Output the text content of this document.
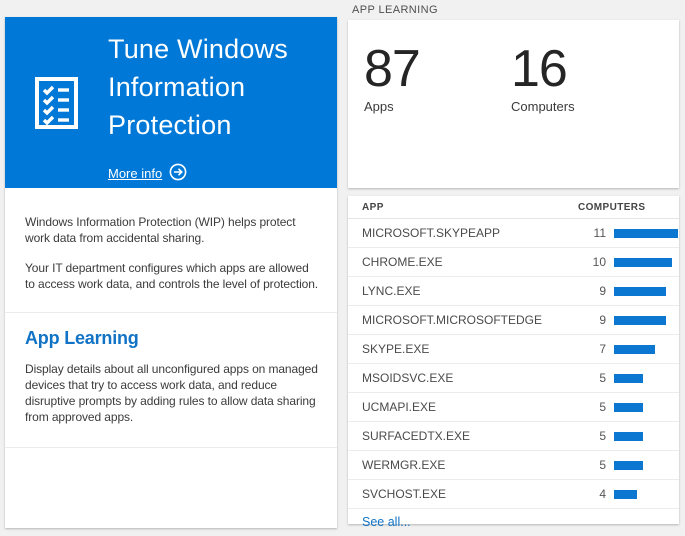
Tune Windows Information Protection
More info

Windows Information Protection (WIP) helps protect work data from accidental sharing.

Your IT department configures which apps are allowed to access work data, and controls the level of protection.

App Learning

Display details about all unconfigured apps on managed devices that try to access work data, and reduce disruptive prompts by adding rules to allow data sharing from approved apps.

APP LEARNING
87
Apps
16
Computers
APP	COMPUTERS
MICROSOFT.SKYPEAPP	11
CHROME.EXE	10
LYNC.EXE	9
MICROSOFT.MICROSOFTEDGE	9
SKYPE.EXE	7
MSOIDSVC.EXE	5
UCMAPI.EXE	5
SURFACEDTX.EXE	5
WERMGR.EXE	5
SVCHOST.EXE	4
See all...
